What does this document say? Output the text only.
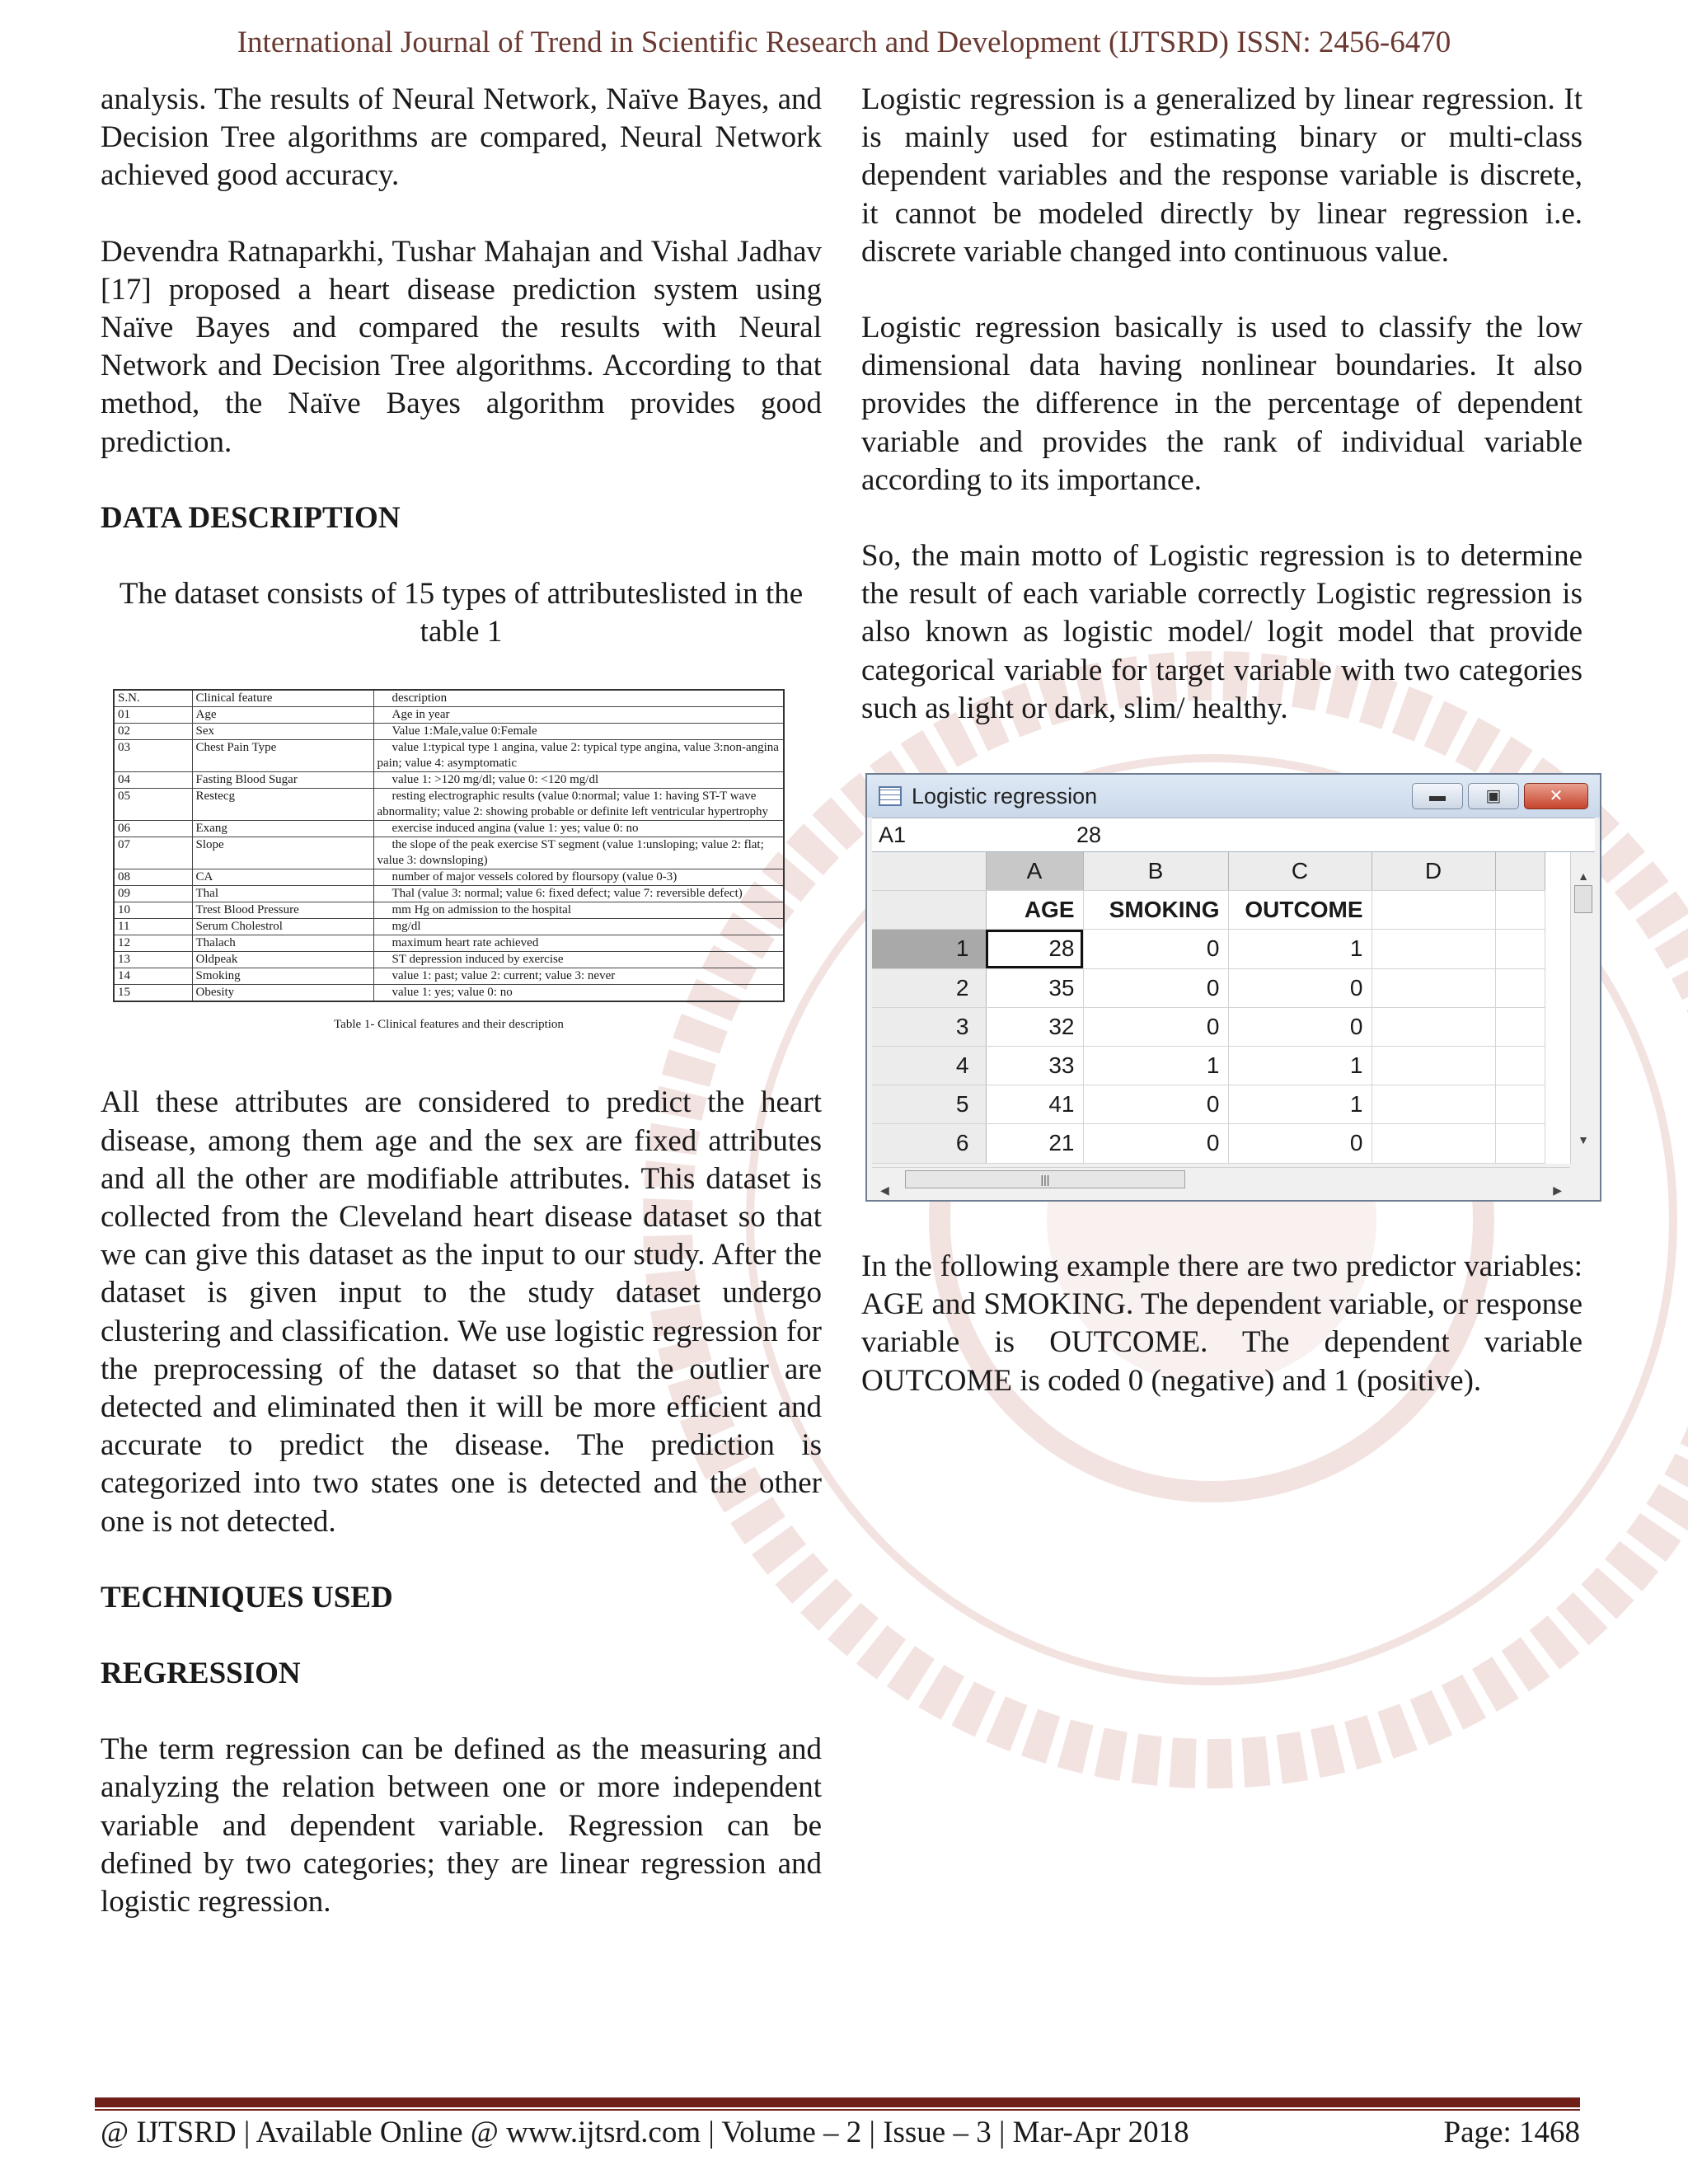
International Journal of Trend in Scientific Research and Development (IJTSRD) ISSN: 2456-6470

analysis. The results of Neural Network, Naïve Bayes, and Decision Tree algorithms are compared, Neural Network achieved good accuracy.

Devendra Ratnaparkhi, Tushar Mahajan and Vishal Jadhav [17] proposed a heart disease prediction system using Naïve Bayes and compared the results with Neural Network and Decision Tree algorithms. According to that method, the Naïve Bayes algorithm provides good prediction.

DATA DESCRIPTION

The dataset consists of 15 types of attributeslisted in the table 1

S.N.	Clinical feature	description
01	Age	Age in year
02	Sex	Value 1:Male,value 0:Female
03	Chest Pain Type	value 1:typical type 1 angina, value 2: typical type angina, value 3:non-angina pain; value 4: asymptomatic
04	Fasting Blood Sugar	value 1: >120 mg/dl; value 0: <120 mg/dl
05	Restecg	resting electrographic results (value 0:normal; value 1: having ST-T wave abnormality; value 2: showing probable or definite left ventricular hypertrophy
06	Exang	exercise induced angina (value 1: yes; value 0: no
07	Slope	the slope of the peak exercise ST segment (value 1:unsloping; value 2: flat; value 3: downsloping)
08	CA	number of major vessels colored by floursopy (value 0-3)
09	Thal	Thal (value 3: normal; value 6: fixed defect; value 7: reversible defect)
10	Trest Blood Pressure	mm Hg on admission to the hospital
11	Serum Cholestrol	mg/dl
12	Thalach	maximum heart rate achieved
13	Oldpeak	ST depression induced by exercise
14	Smoking	value 1: past; value 2: current; value 3: never
15	Obesity	value 1: yes; value 0: no
Table 1- Clinical features and their description

All these attributes are considered to predict the heart disease, among them age and the sex are fixed attributes and all the other are modifiable attributes. This dataset is collected from the Cleveland heart disease dataset so that we can give this dataset as the input to our study. After the dataset is given input to the study dataset undergo clustering and classification. We use logistic regression for the preprocessing of the dataset so that the outlier are detected and eliminated then it will be more efficient and accurate to predict the disease. The prediction is categorized into two states one is detected and the other one is not detected.

TECHNIQUES USED

REGRESSION

The term regression can be defined as the measuring and analyzing the relation between one or more independent variable and dependent variable. Regression can be defined by two categories; they are linear regression and logistic regression.

Logistic regression is a generalized by linear regression. It is mainly used for estimating binary or multi-class dependent variables and the response variable is discrete, it cannot be modeled directly by linear regression i.e. discrete variable changed into continuous value.

Logistic regression basically is used to classify the low dimensional data having nonlinear boundaries. It also provides the difference in the percentage of dependent variable and provides the rank of individual variable according to its importance.

So, the main motto of Logistic regression is to determine the result of each variable correctly Logistic regression is also known as logistic model/ logit model that provide categorical variable for target variable with two categories such as light or dark, slim/ healthy.

Logistic regression	▬	▣	✕
A1	28
	A	B	C	D	
	AGE	SMOKING	OUTCOME		
1	28	0	1		
2	35	0	0		
3	32	0	0		
4	33	1	1		
5	41	0	1		
6	21	0	0		
▲
▼
◀
|||
▶

In the following example there are two predictor variables: AGE and SMOKING. The dependent variable, or response variable is OUTCOME. The dependent variable OUTCOME is coded 0 (negative) and 1 (positive).

@ IJTSRD | Available Online @ www.ijtsrd.com | Volume – 2 | Issue – 3 | Mar-Apr 2018	Page: 1468
